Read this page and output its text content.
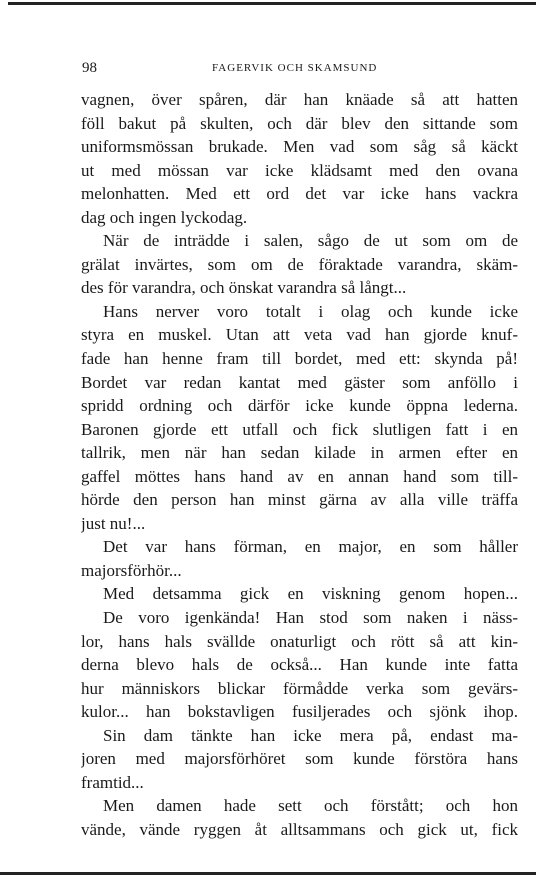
98	FAGERVIK OCH SKAMSUND
vagnen, över spåren, där han knäade så att hatten
föll bakut på skulten, och där blev den sittande som
uniformsmössan brukade. Men vad som såg så käckt
ut med mössan var icke klädsamt med den ovana
melonhatten. Med ett ord det var icke hans vackra
dag och ingen lyckodag.
När de inträdde i salen, sågo de ut som om de
grälat invärtes, som om de föraktade varandra, skäm-
des för varandra, och önskat varandra så långt...
Hans nerver voro totalt i olag och kunde icke
styra en muskel. Utan att veta vad han gjorde knuf-
fade han henne fram till bordet, med ett: skynda på!
Bordet var redan kantat med gäster som anföllo i
spridd ordning och därför icke kunde öppna lederna.
Baronen gjorde ett utfall och fick slutligen fatt i en
tallrik, men när han sedan kilade in armen efter en
gaffel möttes hans hand av en annan hand som till-
hörde den person han minst gärna av alla ville träffa
just nu!...
Det var hans förman, en major, en som håller
majorsförhör...
Med detsamma gick en viskning genom hopen...
De voro igenkända! Han stod som naken i näss-
lor, hans hals svällde onaturligt och rött så att kin-
derna blevo hals de också... Han kunde inte fatta
hur människors blickar förmådde verka som gevärs-
kulor... han bokstavligen fusiljerades och sjönk ihop.
Sin dam tänkte han icke mera på, endast ma-
joren med majorsförhöret som kunde förstöra hans
framtid...
Men damen hade sett och förstått; och hon
vände, vände ryggen åt alltsammans och gick ut, fick
